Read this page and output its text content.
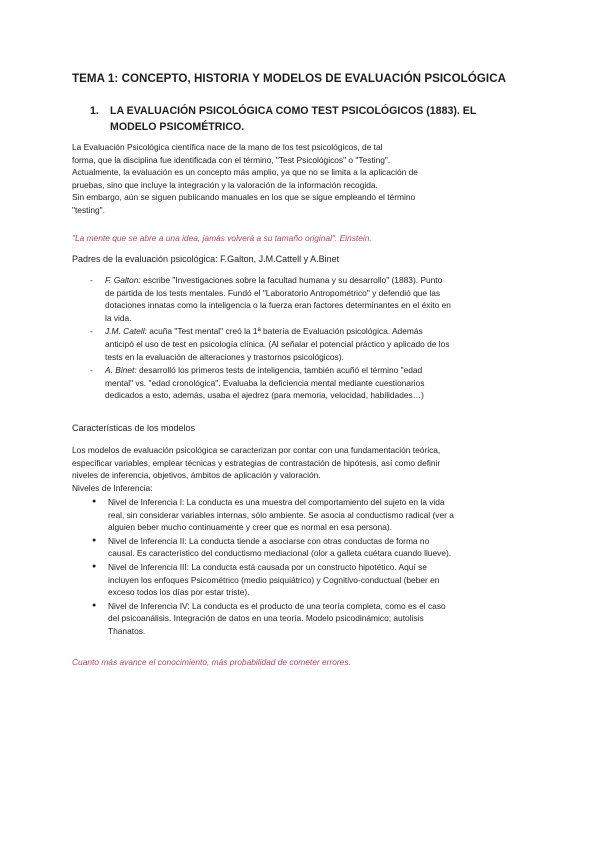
TEMA 1: CONCEPTO, HISTORIA Y MODELOS DE EVALUACIÓN PSICOLÓGICA
1. LA EVALUACIÓN PSICOLÓGICA COMO TEST PSICOLÓGICOS (1883). EL
MODELO PSICOMÉTRICO.

La Evaluación Psicológica científica nace de la mano de los test psicológicos, de tal

forma, que la disciplina fue identificada con el término, "Test Psicológicos" o "Testing".

Actualmente, la evaluación es un concepto más amplio, ya que no se limita a la aplicación de

pruebas, sino que incluye la integración y la valoración de la información recogida.

Sin embargo, aún se siguen publicando manuales en los que se sigue empleando el término

"testing".

"La mente que se abre a una idea, jamás volverá a su tamaño original". Einstein.
Padres de la evaluación psicológica: F.Galton, J.M.Cattell y A.Binet
- F. Galton: escribe "Investigaciones sobre la facultad humana y su desarrollo" (1883). Punto

de partida de los tests mentales. Fundó el "Laboratorio Antropométrico" y defendió que las

dotaciones innatas como la inteligencia o la fuerza eran factores determinantes en el éxito en

la vida.

- J.M. Catell: acuña "Test mental" creó la 1ª batería de Evaluación psicológica. Además

anticipó el uso de test en psicología clínica. (Al señalar el potencial práctico y aplicado de los

tests en la evaluación de alteraciones y trastornos psicológicos).

- A. Binet: desarrolló los primeros tests de inteligencia, también acuñó el término "edad

mental" vs. "edad cronológica". Evaluaba la deficiencia mental mediante cuestionarios

dedicados a esto, además, usaba el ajedrez (para memoria, velocidad, habilidades…)

Características de los modelos

Los modelos de evaluación psicológica se caracterizan por contar con una fundamentación teórica,

especificar variables, emplear técnicas y estrategias de contrastación de hipótesis, así como definir

niveles de inferencia, objetivos, ámbitos de aplicación y valoración.

Niveles de Inferencia:

● Nivel de Inferencia I: La conducta es una muestra del comportamiento del sujeto en la vida

real, sin considerar variables internas, sólo ambiente. Se asocia al conductismo radical (ver a

alguien beber mucho continuamente y creer que es normal en esa persona).

● Nivel de Inferencia II: La conducta tiende a asociarse con otras conductas de forma no

causal. Es característico del conductismo mediacional (olor a galleta cuétara cuando llueve).

● Nivel de Inferencia III: La conducta está causada por un constructo hipotético. Aquí se

incluyen los enfoques Psicométrico (medio psiquiátrico) y Cognitivo-conductual (beber en

exceso todos los días por estar triste).

● Nivel de Inferencia IV: La conducta es el producto de una teoría completa, como es el caso

del psicoanálisis. Integración de datos en una teoría. Modelo psicodinámico; autolisis

Thanatos.

Cuanto más avance el conocimiento, más probabilidad de cometer errores.
